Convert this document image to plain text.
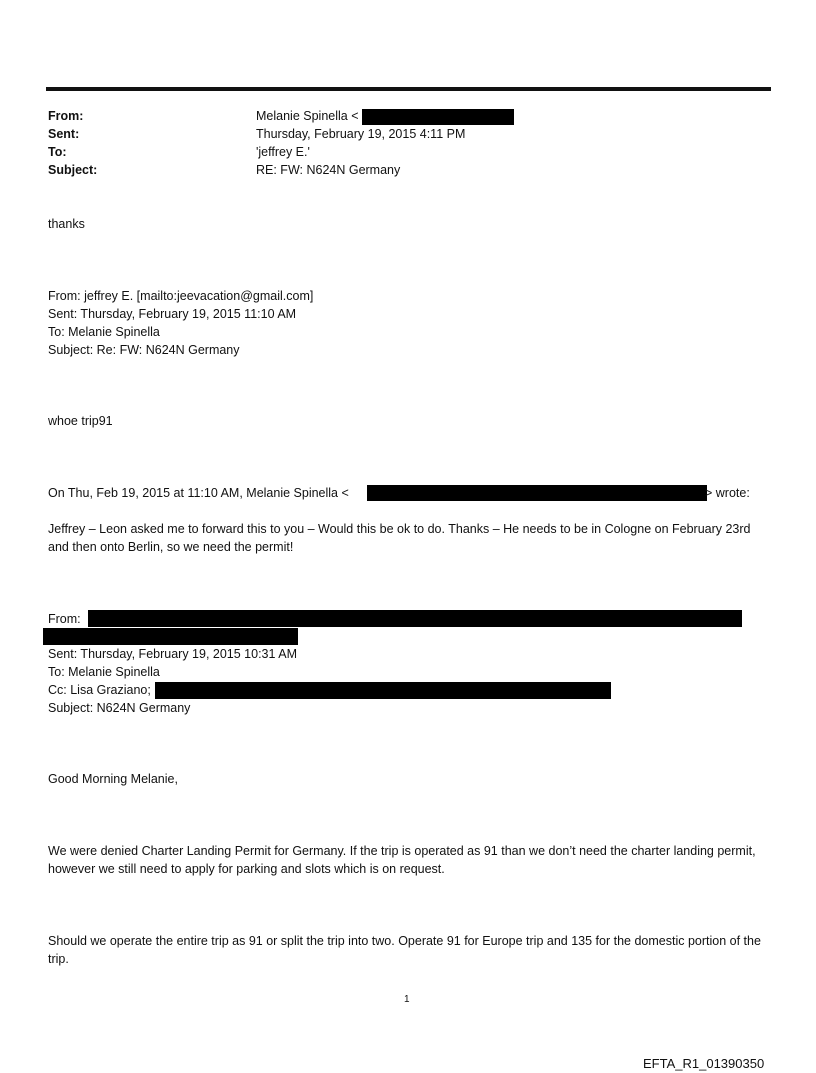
From:	Melanie Spinella <
Sent:	Thursday, February 19, 2015 4:11 PM
To:	'jeffrey E.'
Subject:	RE: FW: N624N Germany
thanks
From: jeffrey E. [mailto:jeevacation@gmail.com]
Sent: Thursday, February 19, 2015 11:10 AM
To: Melanie Spinella
Subject: Re: FW: N624N Germany
whoe trip91
On Thu, Feb 19, 2015 at 11:10 AM, Melanie Spinella <	> wrote:
Jeffrey – Leon asked me to forward this to you – Would this be ok to do. Thanks – He needs to be in Cologne on February 23rd and then onto Berlin, so we need the permit!
From:
Sent: Thursday, February 19, 2015 10:31 AM
To: Melanie Spinella
Cc: Lisa Graziano;
Subject: N624N Germany
Good Morning Melanie,
We were denied Charter Landing Permit for Germany. If the trip is operated as 91 than we don’t need the charter landing permit, however we still need to apply for parking and slots which is on request.
Should we operate the entire trip as 91 or split the trip into two. Operate 91 for Europe trip and 135 for the domestic portion of the trip.
1
EFTA_R1_01390350
